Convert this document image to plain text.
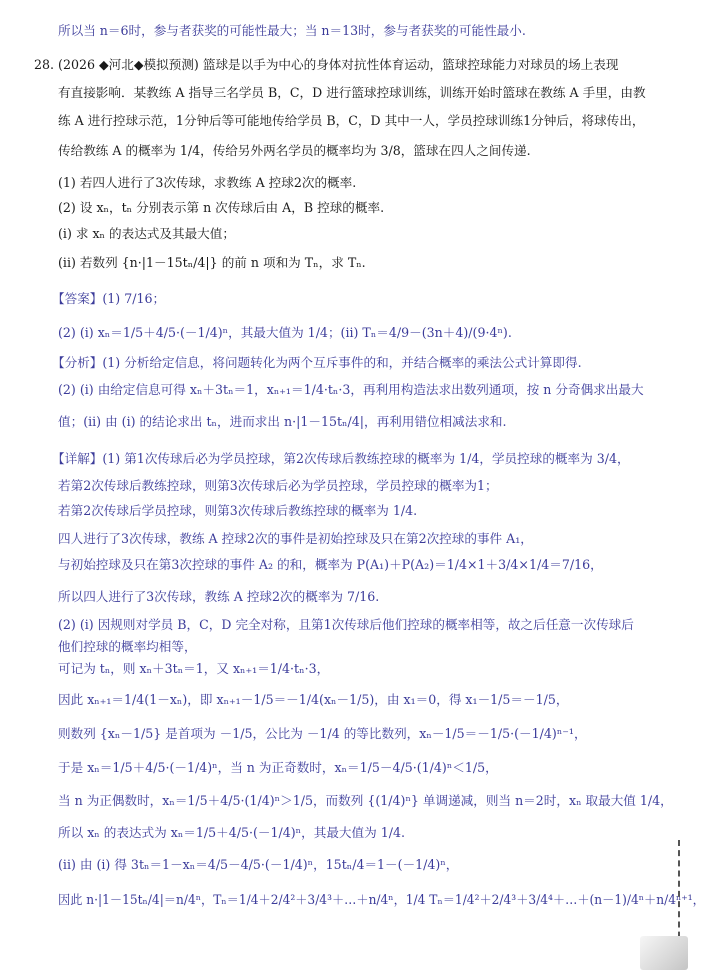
所以当 n＝6时，参与者获奖的可能性最大；当 n＝13时，参与者获奖的可能性最小.
28. (2026 ◆河北◆模拟预测) 篮球是以手为中心的身体对抗性体育运动，篮球控球能力对球员的场上表现
有直接影响．某教练 A 指导三名学员 B，C，D 进行篮球控球训练，训练开始时篮球在教练 A 手里，由教
练 A 进行控球示范，1分钟后等可能地传给学员 B，C，D 其中一人，学员控球训练1分钟后，将球传出，
传给教练 A 的概率为 1/4，传给另外两名学员的概率均为 3/8，篮球在四人之间传递.
(1) 若四人进行了3次传球，求教练 A 控球2次的概率.
(2) 设 xₙ，tₙ 分别表示第 n 次传球后由 A，B 控球的概率.
(i) 求 xₙ 的表达式及其最大值；
(ii) 若数列 {n·|1－15tₙ/4|} 的前 n 项和为 Tₙ，求 Tₙ.
【答案】(1) 7/16；
(2) (i) xₙ＝1/5＋4/5·(－1/4)ⁿ，其最大值为 1/4；(ii) Tₙ＝4/9－(3n＋4)/(9·4ⁿ).
【分析】(1) 分析给定信息，将问题转化为两个互斥事件的和，并结合概率的乘法公式计算即得.
(2) (i) 由给定信息可得 xₙ＋3tₙ＝1，xₙ₊₁＝1/4·tₙ·3，再利用构造法求出数列通项，按 n 分奇偶求出最大
值；(ii) 由 (i) 的结论求出 tₙ，进而求出 n·|1－15tₙ/4|，再利用错位相减法求和.
【详解】(1) 第1次传球后必为学员控球，第2次传球后教练控球的概率为 1/4，学员控球的概率为 3/4，
若第2次传球后教练控球，则第3次传球后必为学员控球，学员控球的概率为1；
若第2次传球后学员控球，则第3次传球后教练控球的概率为 1/4.
四人进行了3次传球，教练 A 控球2次的事件是初始控球及只在第2次控球的事件 A₁，
与初始控球及只在第3次控球的事件 A₂ 的和，概率为 P(A₁)＋P(A₂)＝1/4×1＋3/4×1/4＝7/16，
所以四人进行了3次传球，教练 A 控球2次的概率为 7/16.
(2) (i) 因规则对学员 B，C，D 完全对称，且第1次传球后他们控球的概率相等，故之后任意一次传球后
他们控球的概率均相等，
可记为 tₙ，则 xₙ＋3tₙ＝1，又 xₙ₊₁＝1/4·tₙ·3，
因此 xₙ₊₁＝1/4(1－xₙ)，即 xₙ₊₁－1/5＝－1/4(xₙ－1/5)，由 x₁＝0，得 x₁－1/5＝－1/5，
则数列 {xₙ－1/5} 是首项为 －1/5，公比为 －1/4 的等比数列，xₙ－1/5＝－1/5·(－1/4)ⁿ⁻¹，
于是 xₙ＝1/5＋4/5·(－1/4)ⁿ，当 n 为正奇数时，xₙ＝1/5－4/5·(1/4)ⁿ＜1/5，
当 n 为正偶数时，xₙ＝1/5＋4/5·(1/4)ⁿ＞1/5，而数列 {(1/4)ⁿ} 单调递减，则当 n＝2时，xₙ 取最大值 1/4，
所以 xₙ 的表达式为 xₙ＝1/5＋4/5·(－1/4)ⁿ，其最大值为 1/4.
(ii) 由 (i) 得 3tₙ＝1－xₙ＝4/5－4/5·(－1/4)ⁿ，15tₙ/4＝1－(－1/4)ⁿ，
因此 n·|1－15tₙ/4|＝n/4ⁿ，Tₙ＝1/4＋2/4²＋3/4³＋…＋n/4ⁿ，1/4 Tₙ＝1/4²＋2/4³＋3/4⁴＋…＋(n－1)/4ⁿ＋n/4ⁿ⁺¹，
